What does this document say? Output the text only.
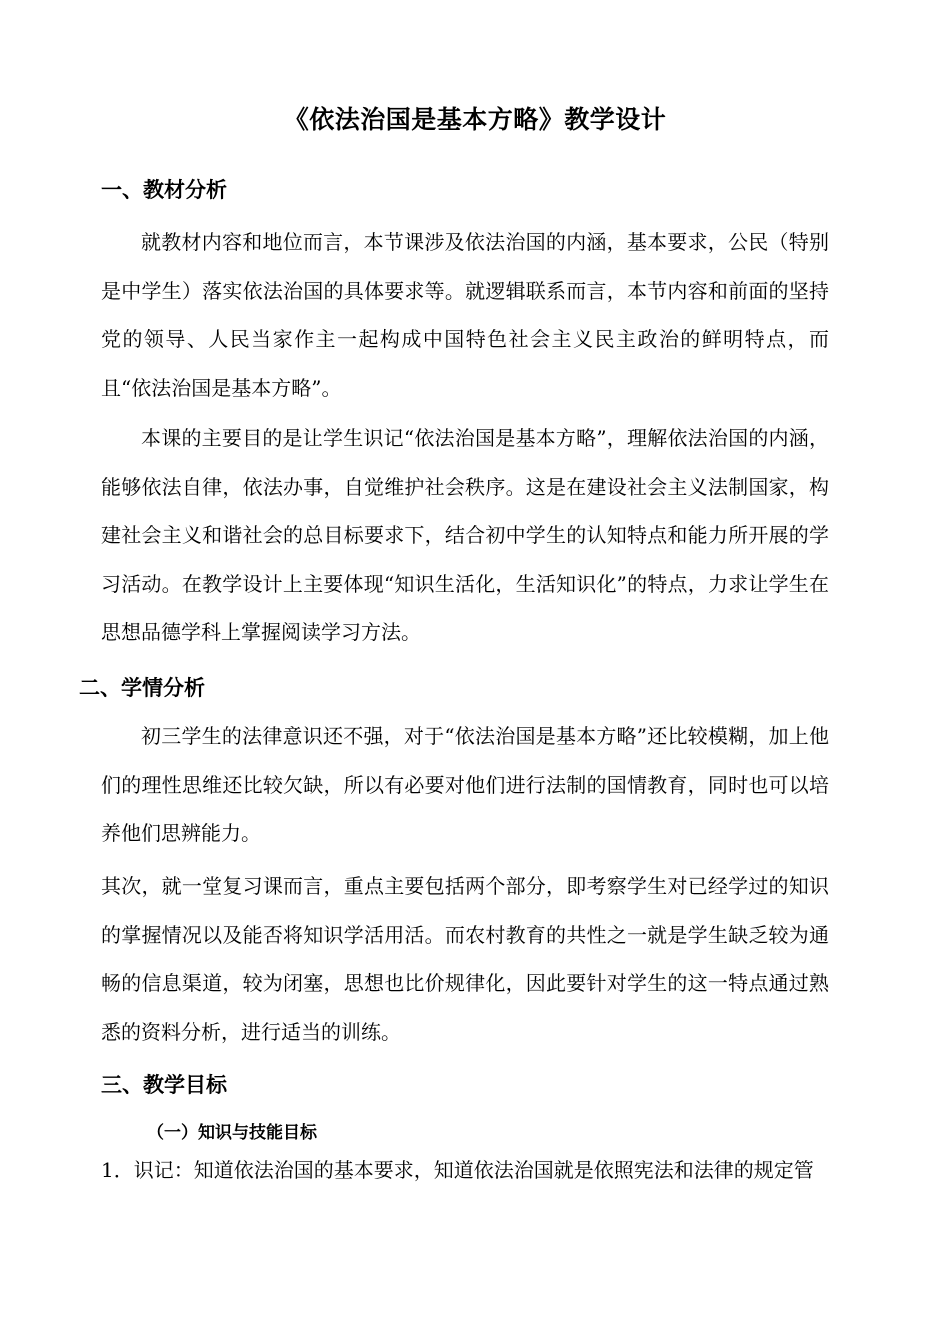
《依法治国是基本方略》教学设计
一、教材分析

就教材内容和地位而言，本节课涉及依法治国的内涵，基本要求，公民（特别是中学生）落实依法治国的具体要求等。就逻辑联系而言，本节内容和前面的坚持党的领导、人民当家作主一起构成中国特色社会主义民主政治的鲜明特点，而且“依法治国是基本方略”。

本课的主要目的是让学生识记“依法治国是基本方略”，理解依法治国的内涵，能够依法自律，依法办事，自觉维护社会秩序。这是在建设社会主义法制国家，构建社会主义和谐社会的总目标要求下，结合初中学生的认知特点和能力所开展的学习活动。在教学设计上主要体现“知识生活化，生活知识化”的特点，力求让学生在思想品德学科上掌握阅读学习方法。

二、学情分析

初三学生的法律意识还不强，对于“依法治国是基本方略”还比较模糊，加上他们的理性思维还比较欠缺，所以有必要对他们进行法制的国情教育，同时也可以培养他们思辨能力。

其次，就一堂复习课而言，重点主要包括两个部分，即考察学生对已经学过的知识的掌握情况以及能否将知识学活用活。而农村教育的共性之一就是学生缺乏较为通畅的信息渠道，较为闭塞，思想也比价规律化，因此要针对学生的这一特点通过熟悉的资料分析，进行适当的训练。

三、教学目标
（一）知识与技能目标
1．识记：知道依法治国的基本要求，知道依法治国就是依照宪法和法律的规定管
